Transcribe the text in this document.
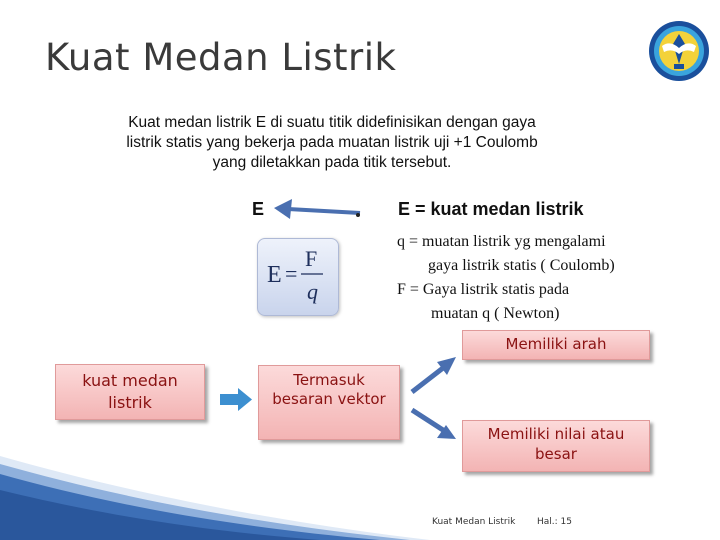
Kuat Medan Listrik
Kuat medan listrik E di suatu titik didefinisikan dengan gaya
listrik statis yang bekerja pada muatan listrik uji +1 Coulomb
yang diletakkan pada titik tersebut.
E
E =
F
q
E = kuat medan listrik
q = muatan listrik yg mengalami
gaya listrik statis ( Coulomb)
F = Gaya listrik statis pada
muatan q ( Newton)
kuat medan
listrik
Termasuk
besaran vektor
Memiliki arah
Memiliki nilai atau
besar
Kuat Medan Listrik Hal.: 15
